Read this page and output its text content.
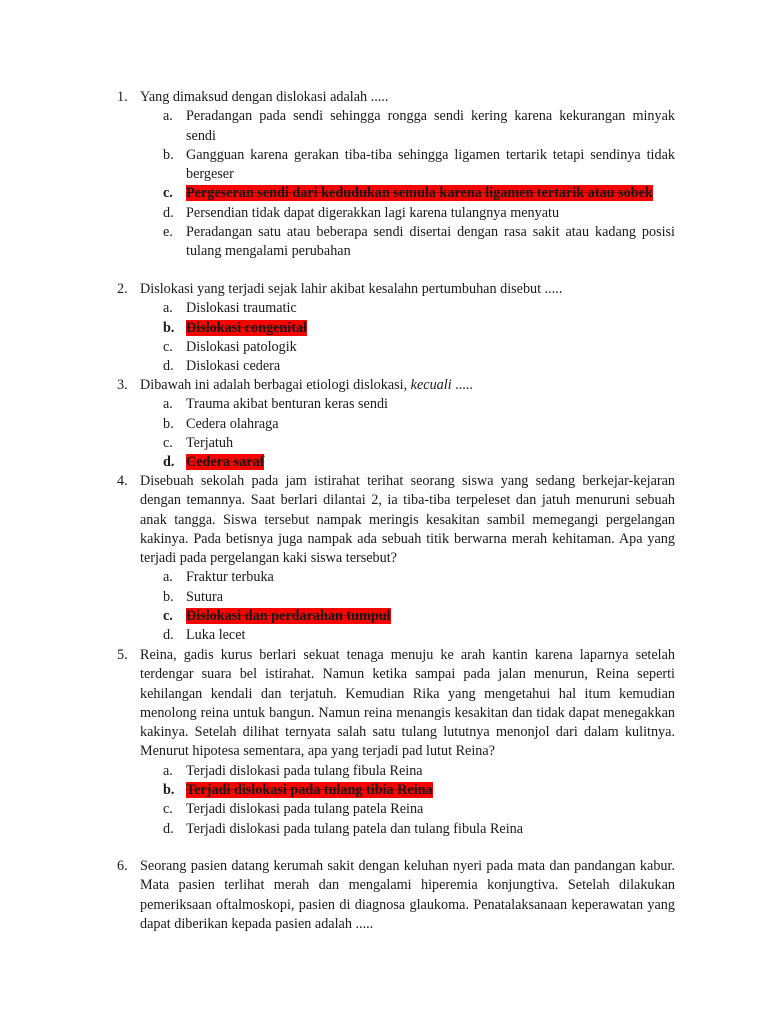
1. Yang dimaksud dengan dislokasi adalah .....
a. Peradangan pada sendi sehingga rongga sendi kering karena kekurangan minyak sendi
b. Gangguan karena gerakan tiba-tiba sehingga ligamen tertarik tetapi sendinya tidak bergeser
c. Pergeseran sendi dari kedudukan semula karena ligamen tertarik atau sobek
d. Persendian tidak dapat digerakkan lagi karena tulangnya menyatu
e. Peradangan satu atau beberapa sendi disertai dengan rasa sakit atau kadang posisi tulang mengalami perubahan
2. Dislokasi yang terjadi sejak lahir akibat kesalahn pertumbuhan disebut .....
a. Dislokasi traumatic
b. Dislokasi congenital
c. Dislokasi patologik
d. Dislokasi cedera
3. Dibawah ini adalah berbagai etiologi dislokasi, kecuali .....
a. Trauma akibat benturan keras sendi
b. Cedera olahraga
c. Terjatuh
d. Cedera saraf
4. Disebuah sekolah pada jam istirahat terihat seorang siswa yang sedang berkejar-kejaran dengan temannya. Saat berlari dilantai 2, ia tiba-tiba terpeleset dan jatuh menuruni sebuah anak tangga. Siswa tersebut nampak meringis kesakitan sambil memegangi pergelangan kakinya. Pada betisnya juga nampak ada sebuah titik berwarna merah kehitaman. Apa yang terjadi pada pergelangan kaki siswa tersebut?
a. Fraktur terbuka
b. Sutura
c. Dislokasi dan perdarahan tumpul
d. Luka lecet
5. Reina, gadis kurus berlari sekuat tenaga menuju ke arah kantin karena laparnya setelah terdengar suara bel istirahat. Namun ketika sampai pada jalan menurun, Reina seperti kehilangan kendali dan terjatuh. Kemudian Rika yang mengetahui hal itum kemudian menolong reina untuk bangun. Namun reina menangis kesakitan dan tidak dapat menegakkan kakinya. Setelah dilihat ternyata salah satu tulang lututnya menonjol dari dalam kulitnya. Menurut hipotesa sementara, apa yang terjadi pad lutut Reina?
a. Terjadi dislokasi pada tulang fibula Reina
b. Terjadi dislokasi pada tulang tibia Reina
c. Terjadi dislokasi pada tulang patela Reina
d. Terjadi dislokasi pada tulang patela dan tulang fibula Reina
6. Seorang pasien datang kerumah sakit dengan keluhan nyeri pada mata dan pandangan kabur. Mata pasien terlihat merah dan mengalami hiperemia konjungtiva. Setelah dilakukan pemeriksaan oftalmoskopi, pasien di diagnosa glaukoma. Penatalaksanaan keperawatan yang dapat diberikan kepada pasien adalah .....
